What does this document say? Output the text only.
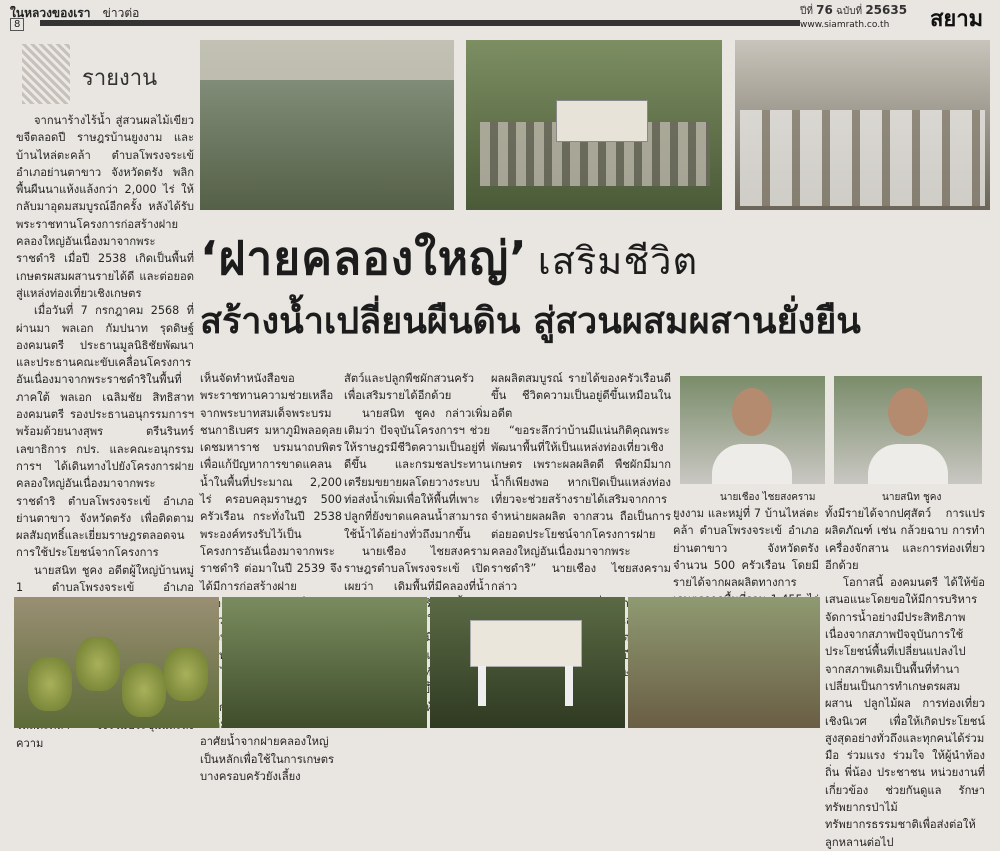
ในหลวงของเรา ข่าวต่อ
8
ปีที่ 76 ฉบับที่ 25635
www.siamrath.co.th สยาม
รายงาน
‘ฝายคลองใหญ่’ เสริมชีวิต
สร้างน้ำเปลี่ยนผืนดิน สู่สวนผสมผสานยั่งยืน

จากนาร้างไร้น้ำ สู่สวนผลไม้เขียวขจีตลอดปี ราษฎรบ้านยูงงาม และบ้านไหล่ตะคล้า ตำบลโพรงจระเข้ อำเภอย่านตาขาว จังหวัดตรัง พลิกพื้นผืนนาแห้งแล้งกว่า 2,000 ไร่ ให้กลับมาอุดมสมบูรณ์อีกครั้ง หลังได้รับพระราชทานโครงการก่อสร้างฝายคลองใหญ่อันเนื่องมาจากพระราชดำริ เมื่อปี 2538 เกิดเป็นพื้นที่เกษตรผสมผสานรายได้ดี และต่อยอดสู่แหล่งท่องเที่ยวเชิงเกษตร

เมื่อวันที่ 7 กรกฎาคม 2568 ที่ผ่านมา พลเอก กัมปนาท รุดดิษฐ์ องคมนตรี ประธานมูลนิธิชัยพัฒนาและประธานคณะขับเคลื่อนโครงการอันเนื่องมาจากพระราชดำริในพื้นที่ภาคใต้ พลเอก เฉลิมชัย สิทธิสาท องคมนตรี รองประธานอนุกรรมการฯ พร้อมด้วยนางสุพร ตรีนรินทร์ เลขาธิการ กปร. และคณะอนุกรรมการฯ ได้เดินทางไปยังโครงการฝายคลองใหญ่อันเนื่องมาจากพระราชดำริ ตำบลโพรงจระเข้ อำเภอย่านตาขาว จังหวัดตรัง เพื่อติดตามผลสัมฤทธิ์และเยี่ยมราษฎรตลอดจนการใช้ประโยชน์จากโครงการ

นายสนิท ชูคง อดีตผู้ใหญ่บ้านหมู่ 1 ตำบลโพรงจระเข้ อำเภอ ความ

เห็นจัดทำหนังสือขอพระราชทานความช่วยเหลือจากพระบาทสมเด็จพระบรมชนกาธิเบศร มหาภูมิพลอดุลยเดชมหาราช บรมนาถบพิตร เพื่อแก้ปัญหาการขาดแคลนน้ำในพื้นที่ประมาณ 2,200 ไร่ ครอบคลุมราษฎร 500 ครัวเรือน กระทั่งในปี 2538 พระองค์ทรงรับไว้เป็นโครงการอันเนื่องมาจากพระราชดำริ ต่อมาในปี 2539 จึงได้มีการก่อสร้างฝาย อง เดียวกัน ลองกอง อาศัยน้ำจากฝายคลองใหญ่เป็นหลักเพื่อใช้ในการเกษตร บางครอบครัวยังเลี้ยง

สัตว์และปลูกพืชผักสวนครัวเพื่อเสริมรายได้อีกด้วย

นายสนิท ชูคง กล่าวเพิ่มเติมว่า ปัจจุบันโครงการฯ ช่วยให้ราษฎรมีชีวิตความเป็นอยู่ที่ดีขึ้น และกรมชลประทานเตรียมขยายผลโดยวางระบบท่อส่งน้ำเพิ่มเพื่อให้พื้นที่เพาะปลูกที่ยังขาดแคลนน้ำสามารถใช้น้ำได้อย่างทั่วถึงมากขึ้น

นายเชือง ไชยสงคราม ราษฎรตำบลโพรงจระเข้ เปิดเผยว่า เดิมพื้นที่มีคลองที่น้ำ

ผลผลิตสมบูรณ์ รายได้ของครัวเรือนดีขึ้น ชีวิตความเป็นอยู่ดีขึ้นเหมือนในอดีต

“ขอระลึกว่าบ้านมีแน่นกิติคุณพระพัฒนาพื้นที่ให้เป็นแหล่งท่องเที่ยวเชิงเกษตร เพราะผลผลิตดี พืชผักมีมาก น้ำก็เพียงพอ หากเปิดเป็นแหล่งท่องเที่ยวจะช่วยสร้างรายได้เสริมจากการจำหน่ายผลผลิต จากสวน ถือเป็นการต่อยอดประโยชน์จากโครงการฝายคลองใหญ่อันเนื่องมาจากพระราชดำริ” นายเชือง ไชยสงคราม กล่าว

นายเชือง ไชยสงคราม	นายสนิท ชูคง

ยูงงาม และหมู่ที่ 7 บ้านไหล่ตะคล้า ตำบลโพรงจระเข้ อำเภอย่านตาขาว จังหวัดตรัง จำนวน 500 ครัวเรือน โดยมีรายได้จากผลผลิตทางการ

ทั้งมีรายได้จากปศุสัตว์ การแปรผลิตภัณฑ์ เช่น กล้วยฉาบ การทำเครื่องจักสาน และการท่องเที่ยวอีกด้วย

โอกาสนี้ องคมนตรี ได้ให้ข้อเสนอแนะโดยขอให้มีการบริหารจัดการน้ำอย่างมีประสิทธิภาพ เนื่องจากสภาพปัจจุบันการใช้ประโยชน์พื้นที่เปลี่ยนแปลงไป จากสภาพเดิมเป็นพื้นที่ทำนาเปลี่ยนเป็นการทำเกษตรผสมผสาน ปลูกไม้ผล การท่องเที่ยวเชิงนิเวศ เพื่อให้เกิดประโยชน์สูงสุดอย่างทั่วถึงและทุกคนได้ร่วมมือ ร่วมแรง ร่วมใจ ให้ผู้นำท้องถิ่น พี่น้อง ประชาชน หน่วยงานที่เกี่ยวข้อง ช่วยกันดูแล รักษา ทรัพยากรป่าไม้ ทรัพยากรธรรมชาติเพื่อส่งต่อให้ลูกหลานต่อไป
